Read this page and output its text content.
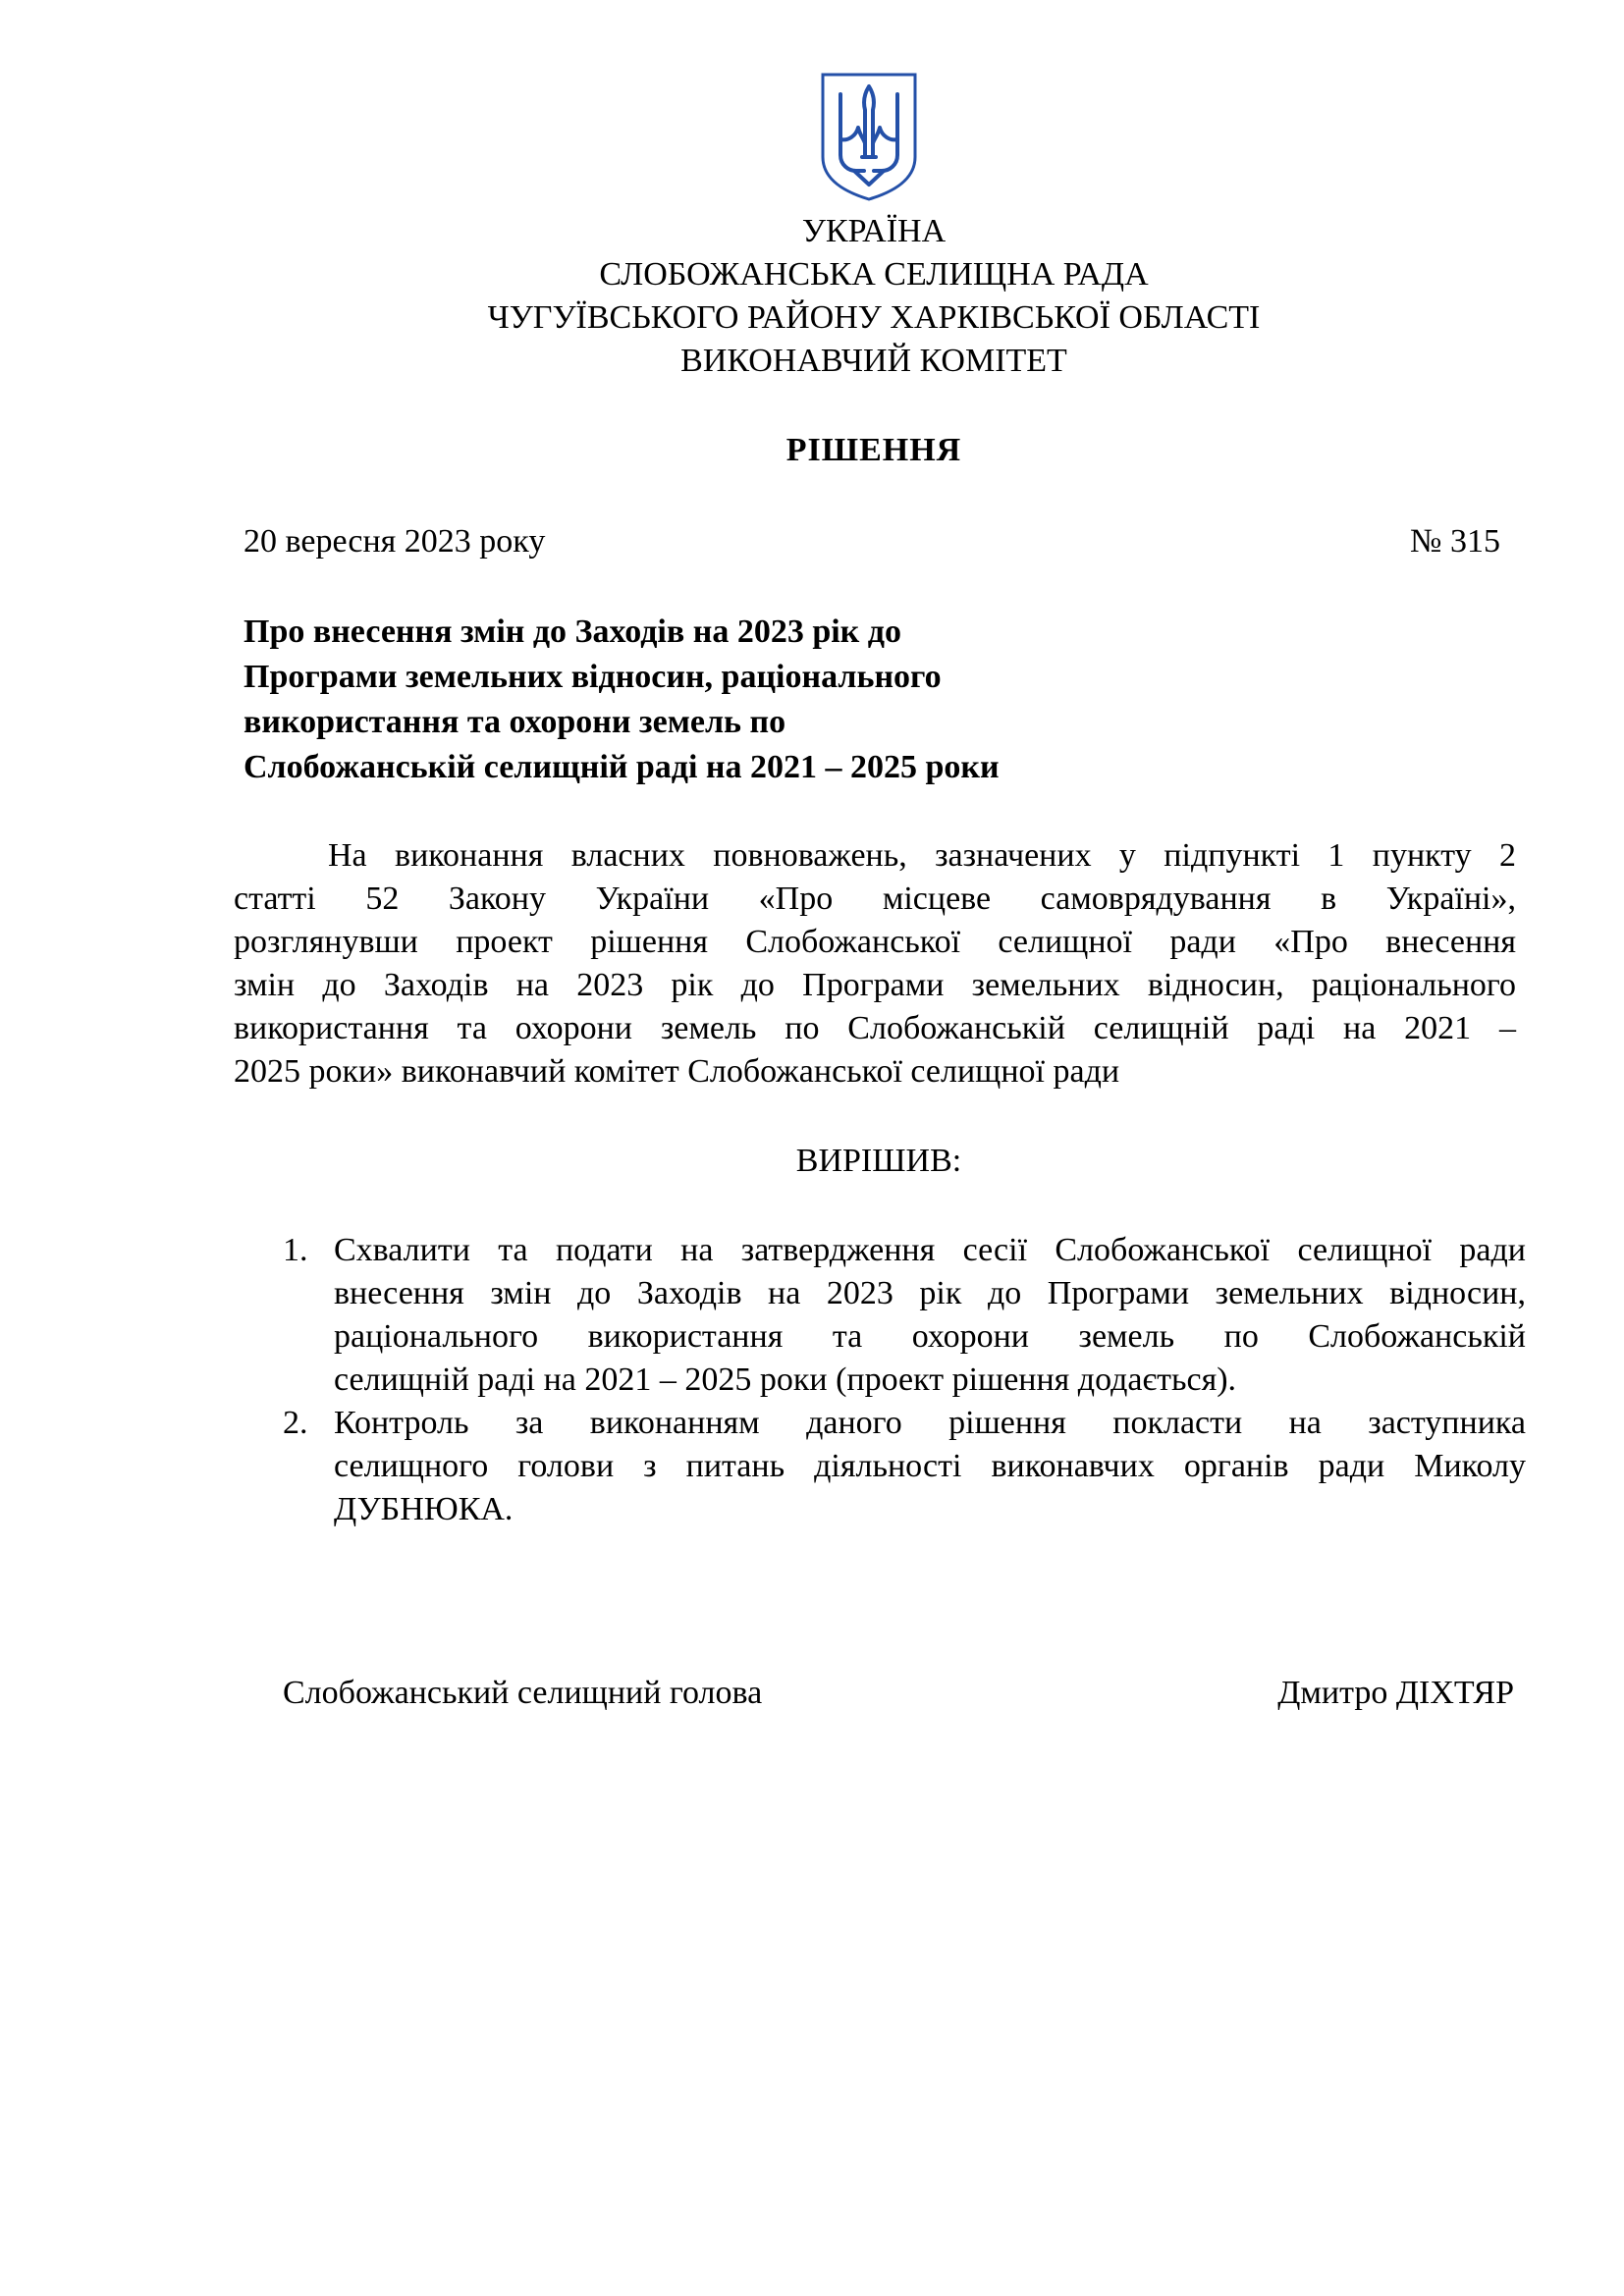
УКРАЇНА
СЛОБОЖАНСЬКА СЕЛИЩНА РАДА
ЧУГУЇВСЬКОГО РАЙОНУ ХАРКІВСЬКОЇ ОБЛАСТІ
ВИКОНАВЧИЙ КОМІТЕТ
РІШЕННЯ
20 вересня 2023 року	№ 315
Про внесення змін до Заходів на 2023 рік до
Програми земельних відносин, раціонального
використання та охорони земель по
Слобожанській селищній раді на 2021 – 2025 роки
На виконання власних повноважень, зазначених у підпункті 1 пункту 2
статті 52 Закону України «Про місцеве самоврядування в Україні»,
розглянувши проект рішення Слобожанської селищної ради «Про внесення
змін до Заходів на 2023 рік до Програми земельних відносин, раціонального
використання та охорони земель по Слобожанській селищній раді на 2021 –
2025 роки» виконавчий комітет Слобожанської селищної ради
ВИРІШИВ:
1. Схвалити та подати на затвердження сесії Слобожанської селищної ради
внесення змін до Заходів на 2023 рік до Програми земельних відносин,
раціонального використання та охорони земель по Слобожанській
селищній раді на 2021 – 2025 роки (проект рішення додається).
2. Контроль за виконанням даного рішення покласти на заступника
селищного голови з питань діяльності виконавчих органів ради Миколу
ДУБНЮКА.
Слобожанський селищний голова	Дмитро ДІХТЯР
